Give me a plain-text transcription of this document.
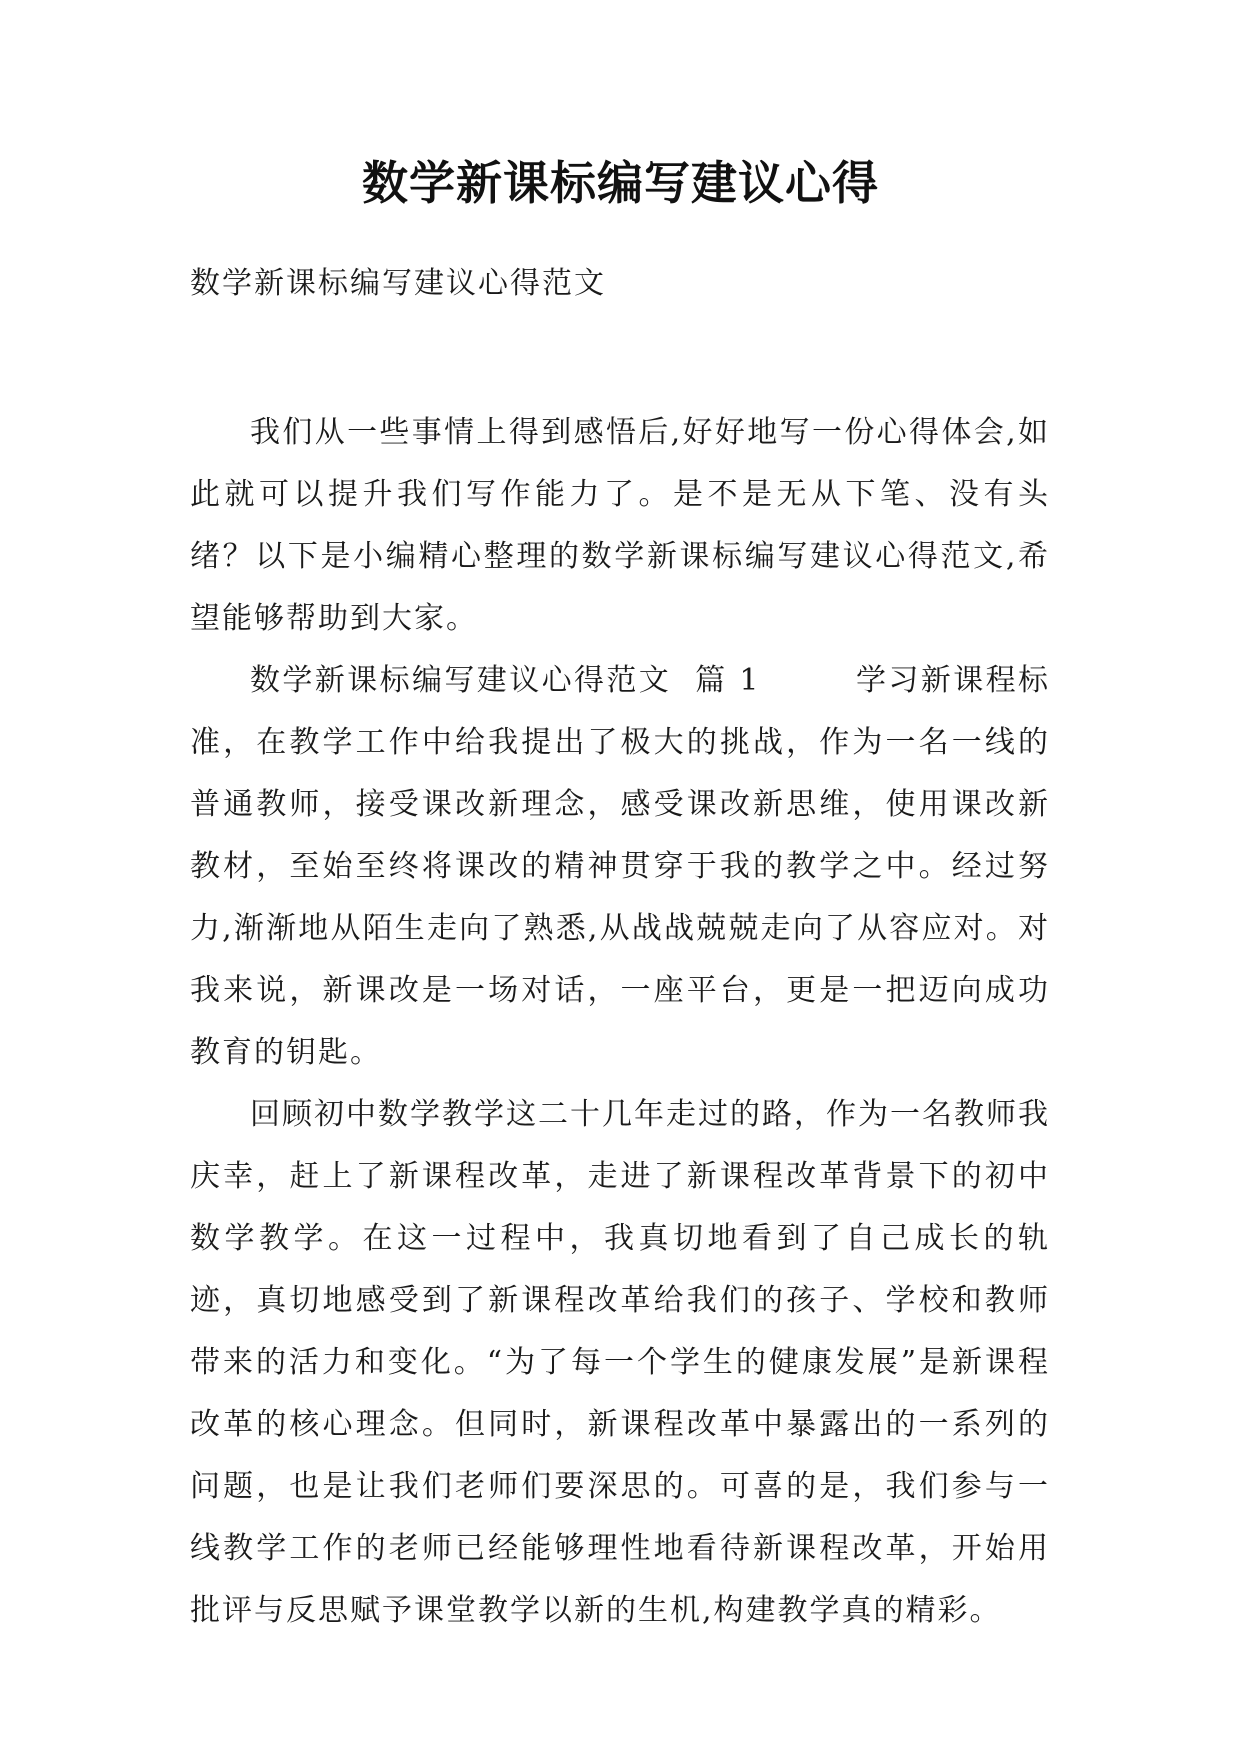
数学新课标编写建议心得

数学新课标编写建议心得范文

我们从一些事情上得到感悟后,好好地写一份心得体会,如此就可以提升我们写作能力了。是不是无从下笔、没有头绪？以下是小编精心整理的数学新课标编写建议心得范文,希望能够帮助到大家。

数学新课标编写建议心得范文  篇 1        学习新课程标准，在教学工作中给我提出了极大的挑战，作为一名一线的普通教师，接受课改新理念，感受课改新思维，使用课改新教材，至始至终将课改的精神贯穿于我的教学之中。经过努力,渐渐地从陌生走向了熟悉,从战战兢兢走向了从容应对。对我来说，新课改是一场对话，一座平台，更是一把迈向成功教育的钥匙。

回顾初中数学教学这二十几年走过的路，作为一名教师我庆幸，赶上了新课程改革，走进了新课程改革背景下的初中数学教学。在这一过程中，我真切地看到了自己成长的轨迹，真切地感受到了新课程改革给我们的孩子、学校和教师带来的活力和变化。“为了每一个学生的健康发展”是新课程改革的核心理念。但同时，新课程改革中暴露出的一系列的问题，也是让我们老师们要深思的。可喜的是，我们参与一线教学工作的老师已经能够理性地看待新课程改革，开始用批评与反思赋予课堂教学以新的生机,构建教学真的精彩。
